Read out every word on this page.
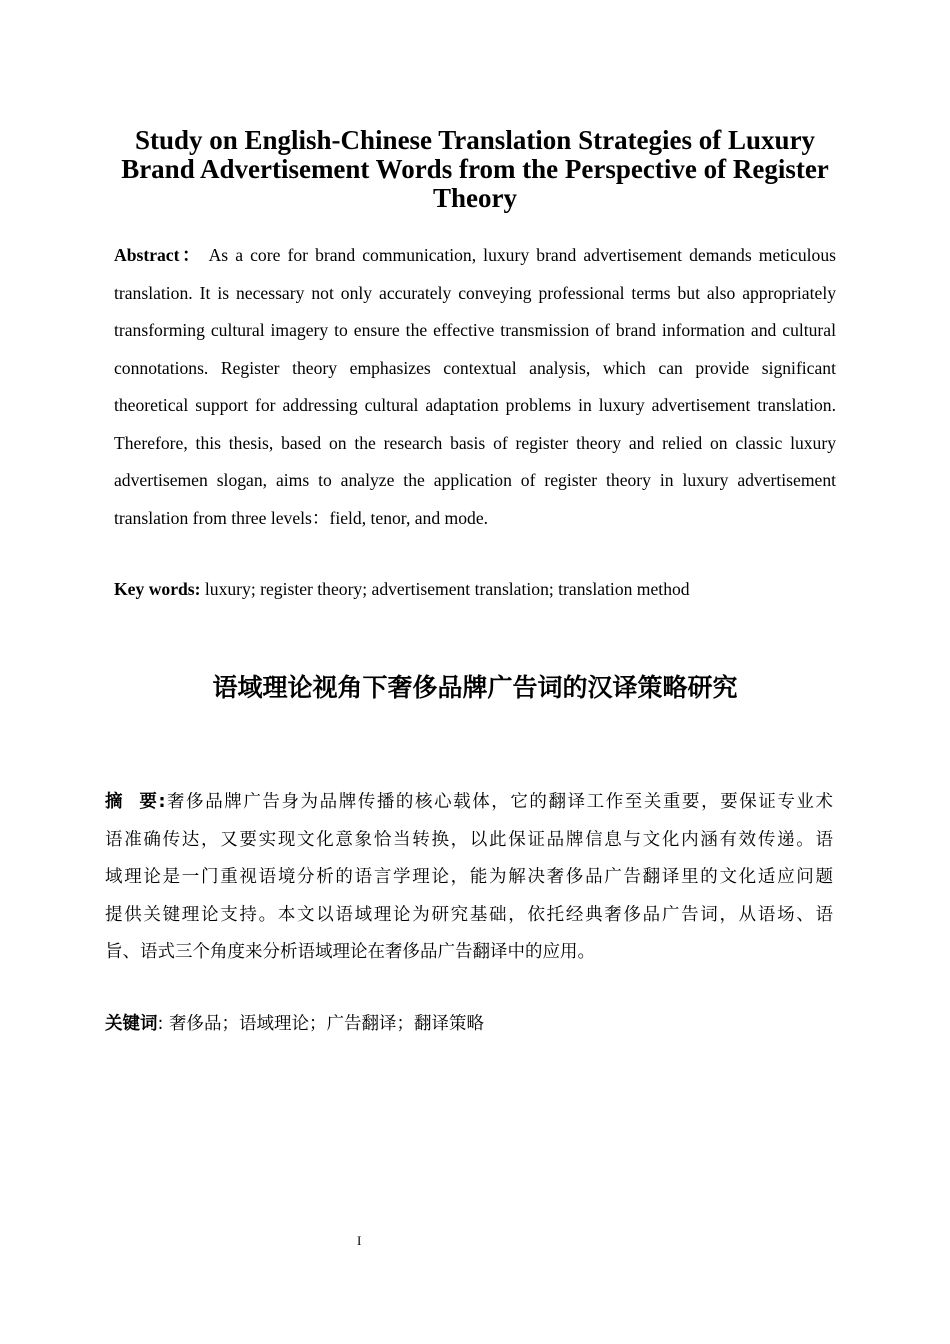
Study on English-Chinese Translation Strategies of Luxury Brand Advertisement Words from the Perspective of Register Theory
Abstract： As a core for brand communication, luxury brand advertisement demands meticulous translation. It is necessary not only accurately conveying professional terms but also appropriately transforming cultural imagery to ensure the effective transmission of brand information and cultural connotations. Register theory emphasizes contextual analysis, which can provide significant theoretical support for addressing cultural adaptation problems in luxury advertisement translation. Therefore, this thesis, based on the research basis of register theory and relied on classic luxury advertisemen slogan, aims to analyze the application of register theory in luxury advertisement translation from three levels：field, tenor, and mode.
Key words: luxury; register theory; advertisement translation; translation method
语域理论视角下奢侈品牌广告词的汉译策略研究
摘  要:奢侈品牌广告身为品牌传播的核心载体，它的翻译工作至关重要，要保证专业术
语准确传达，又要实现文化意象恰当转换，以此保证品牌信息与文化内涵有效传递。语
域理论是一门重视语境分析的语言学理论，能为解决奢侈品广告翻译里的文化适应问题
提供关键理论支持。本文以语域理论为研究基础，依托经典奢侈品广告词，从语场、语
旨、语式三个角度来分析语域理论在奢侈品广告翻译中的应用。
关键词: 奢侈品；语域理论；广告翻译；翻译策略
I
